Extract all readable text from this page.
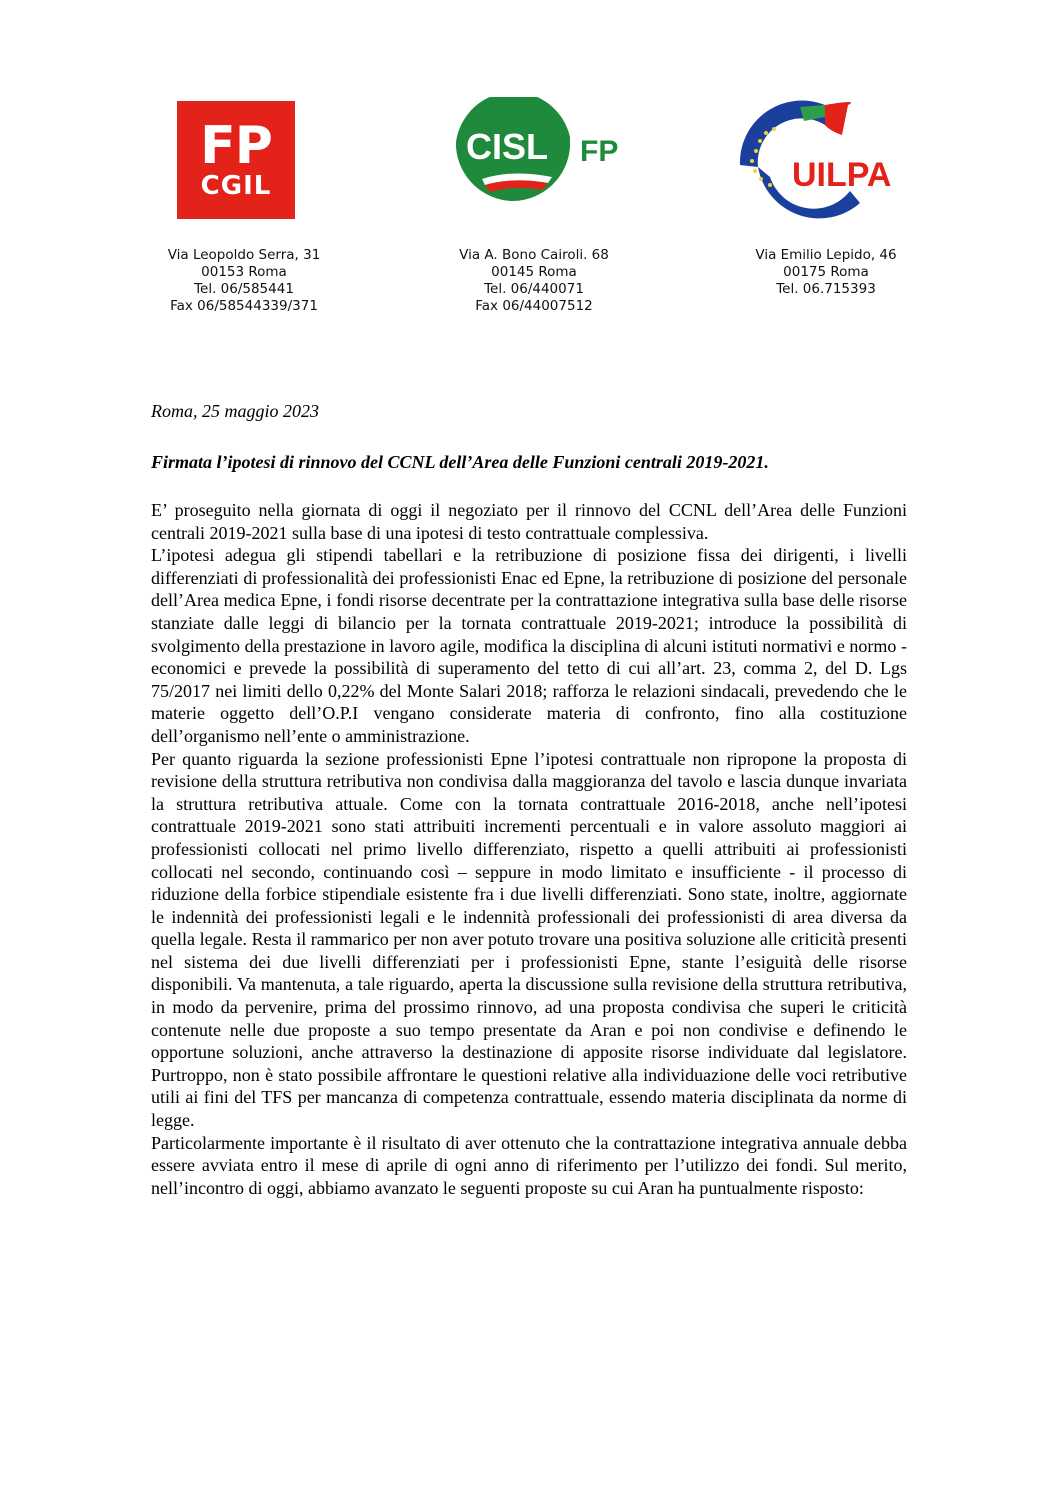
FP
CGIL
CISL FP
UILPA
Via Leopoldo Serra, 31
00153 Roma
Tel. 06/585441
Fax 06/58544339/371
Via A. Bono Cairoli. 68
00145 Roma
Tel. 06/440071
Fax 06/44007512
Via Emilio Lepido, 46
00175 Roma
Tel. 06.715393
Roma, 25 maggio 2023
Firmata l’ipotesi di rinnovo del CCNL dell’Area delle Funzioni centrali 2019-2021.

E’ proseguito nella giornata di oggi il negoziato per il rinnovo del CCNL dell’Area delle Funzioni centrali 2019-2021 sulla base di una ipotesi di testo contrattuale complessiva.

L’ipotesi adegua gli stipendi tabellari e la retribuzione di posizione fissa dei dirigenti, i livelli differenziati di professionalità dei professionisti Enac ed Epne, la retribuzione di posizione del personale dell’Area medica Epne, i fondi risorse decentrate per la contrattazione integrativa sulla base delle risorse stanziate dalle leggi di bilancio per la tornata contrattuale 2019-2021; introduce la possibilità di svolgimento della prestazione in lavoro agile, modifica la disciplina di alcuni istituti normativi e normo - economici e prevede la possibilità di superamento del tetto di cui all’art. 23, comma 2, del D. Lgs 75/2017 nei limiti dello 0,22% del Monte Salari 2018; rafforza le relazioni sindacali, prevedendo che le materie oggetto dell’O.P.I vengano considerate materia di confronto, fino alla costituzione dell’organismo nell’ente o amministrazione.

Per quanto riguarda la sezione professionisti Epne l’ipotesi contrattuale non ripropone la proposta di revisione della struttura retributiva non condivisa dalla maggioranza del tavolo e lascia dunque invariata la struttura retributiva attuale. Come con la tornata contrattuale 2016-2018, anche nell’ipotesi contrattuale 2019-2021 sono stati attribuiti incrementi percentuali e in valore assoluto maggiori ai professionisti collocati nel primo livello differenziato, rispetto a quelli attribuiti ai professionisti collocati nel secondo, continuando così – seppure in modo limitato e insufficiente - il processo di riduzione della forbice stipendiale esistente fra i due livelli differenziati. Sono state, inoltre, aggiornate le indennità dei professionisti legali e le indennità professionali dei professionisti di area diversa da quella legale. Resta il rammarico per non aver potuto trovare una positiva soluzione alle criticità presenti nel sistema dei due livelli differenziati per i professionisti Epne, stante l’esiguità delle risorse disponibili. Va mantenuta, a tale riguardo, aperta la discussione sulla revisione della struttura retributiva, in modo da pervenire, prima del prossimo rinnovo, ad una proposta condivisa che superi le criticità contenute nelle due proposte a suo tempo presentate da Aran e poi non condivise e definendo le opportune soluzioni, anche attraverso la destinazione di apposite risorse individuate dal legislatore. Purtroppo, non è stato possibile affrontare le questioni relative alla individuazione delle voci retributive utili ai fini del TFS per mancanza di competenza contrattuale, essendo materia disciplinata da norme di legge.

Particolarmente importante è il risultato di aver ottenuto che la contrattazione integrativa annuale debba essere avviata entro il mese di aprile di ogni anno di riferimento per l’utilizzo dei fondi. Sul merito, nell’incontro di oggi, abbiamo avanzato le seguenti proposte su cui Aran ha puntualmente risposto:
